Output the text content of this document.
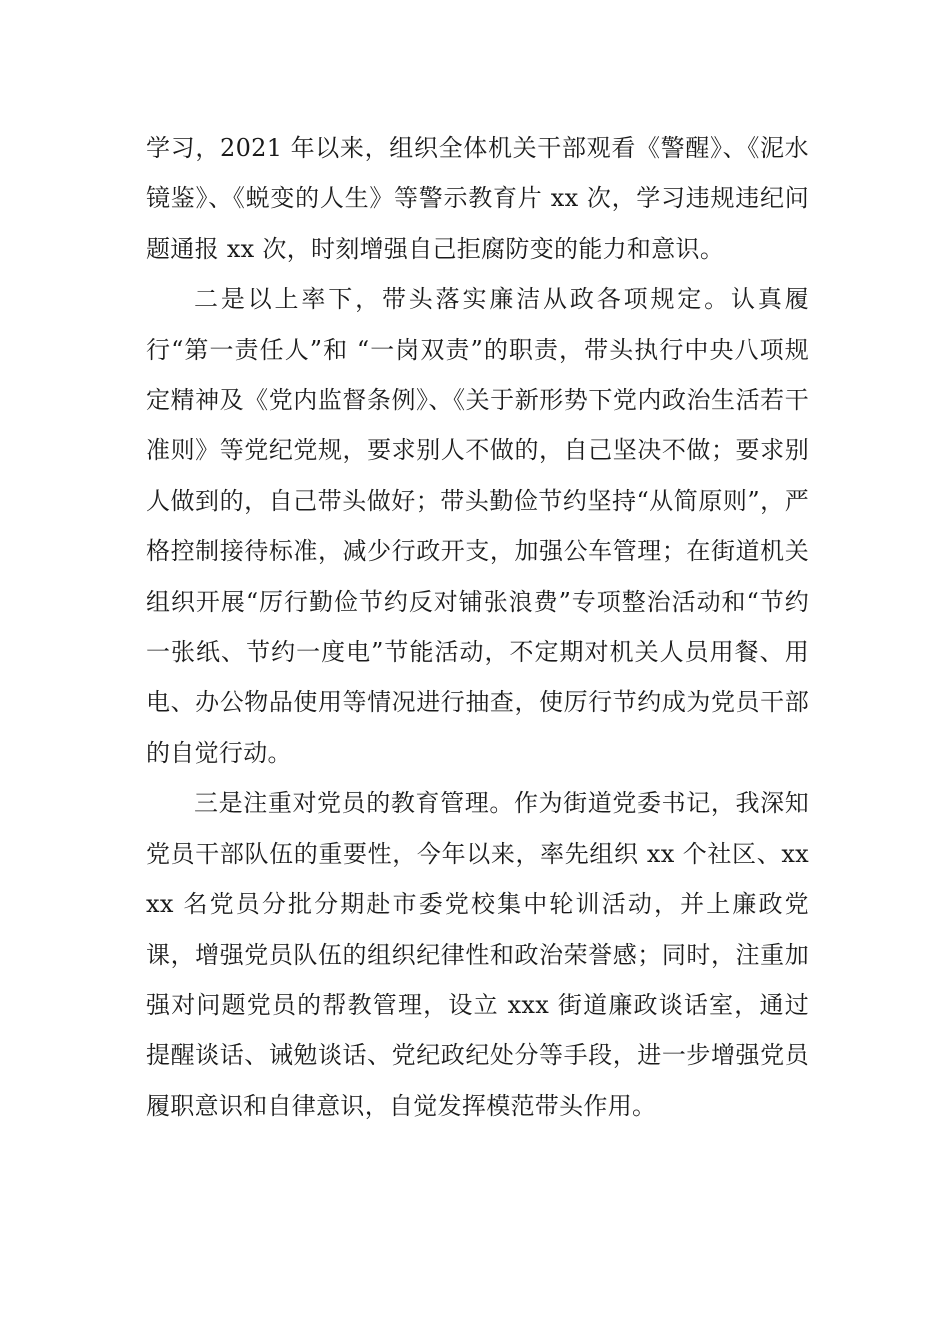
学习，2021 年以来，组织全体机关干部观看《警醒》、《泥水镜鉴》、《蜕变的人生》等警示教育片 xx 次，学习违规违纪问题通报 xx 次，时刻增强自己拒腐防变的能力和意识。

二是以上率下，带头落实廉洁从政各项规定。认真履行“第一责任人”和 “一岗双责”的职责，带头执行中央八项规定精神及《党内监督条例》、《关于新形势下党内政治生活若干准则》等党纪党规，要求别人不做的，自己坚决不做；要求别人做到的，自己带头做好；带头勤俭节约坚持“从简原则”，严格控制接待标准，减少行政开支，加强公车管理；在街道机关组织开展“厉行勤俭节约反对铺张浪费”专项整治活动和“节约一张纸、节约一度电”节能活动，不定期对机关人员用餐、用电、办公物品使用等情况进行抽查，使厉行节约成为党员干部的自觉行动。

三是注重对党员的教育管理。作为街道党委书记，我深知党员干部队伍的重要性，今年以来，率先组织 xx 个社区、xxxx 名党员分批分期赴市委党校集中轮训活动，并上廉政党课，增强党员队伍的组织纪律性和政治荣誉感；同时，注重加强对问题党员的帮教管理，设立 xxx 街道廉政谈话室，通过提醒谈话、诫勉谈话、党纪政纪处分等手段，进一步增强党员履职意识和自律意识，自觉发挥模范带头作用。
